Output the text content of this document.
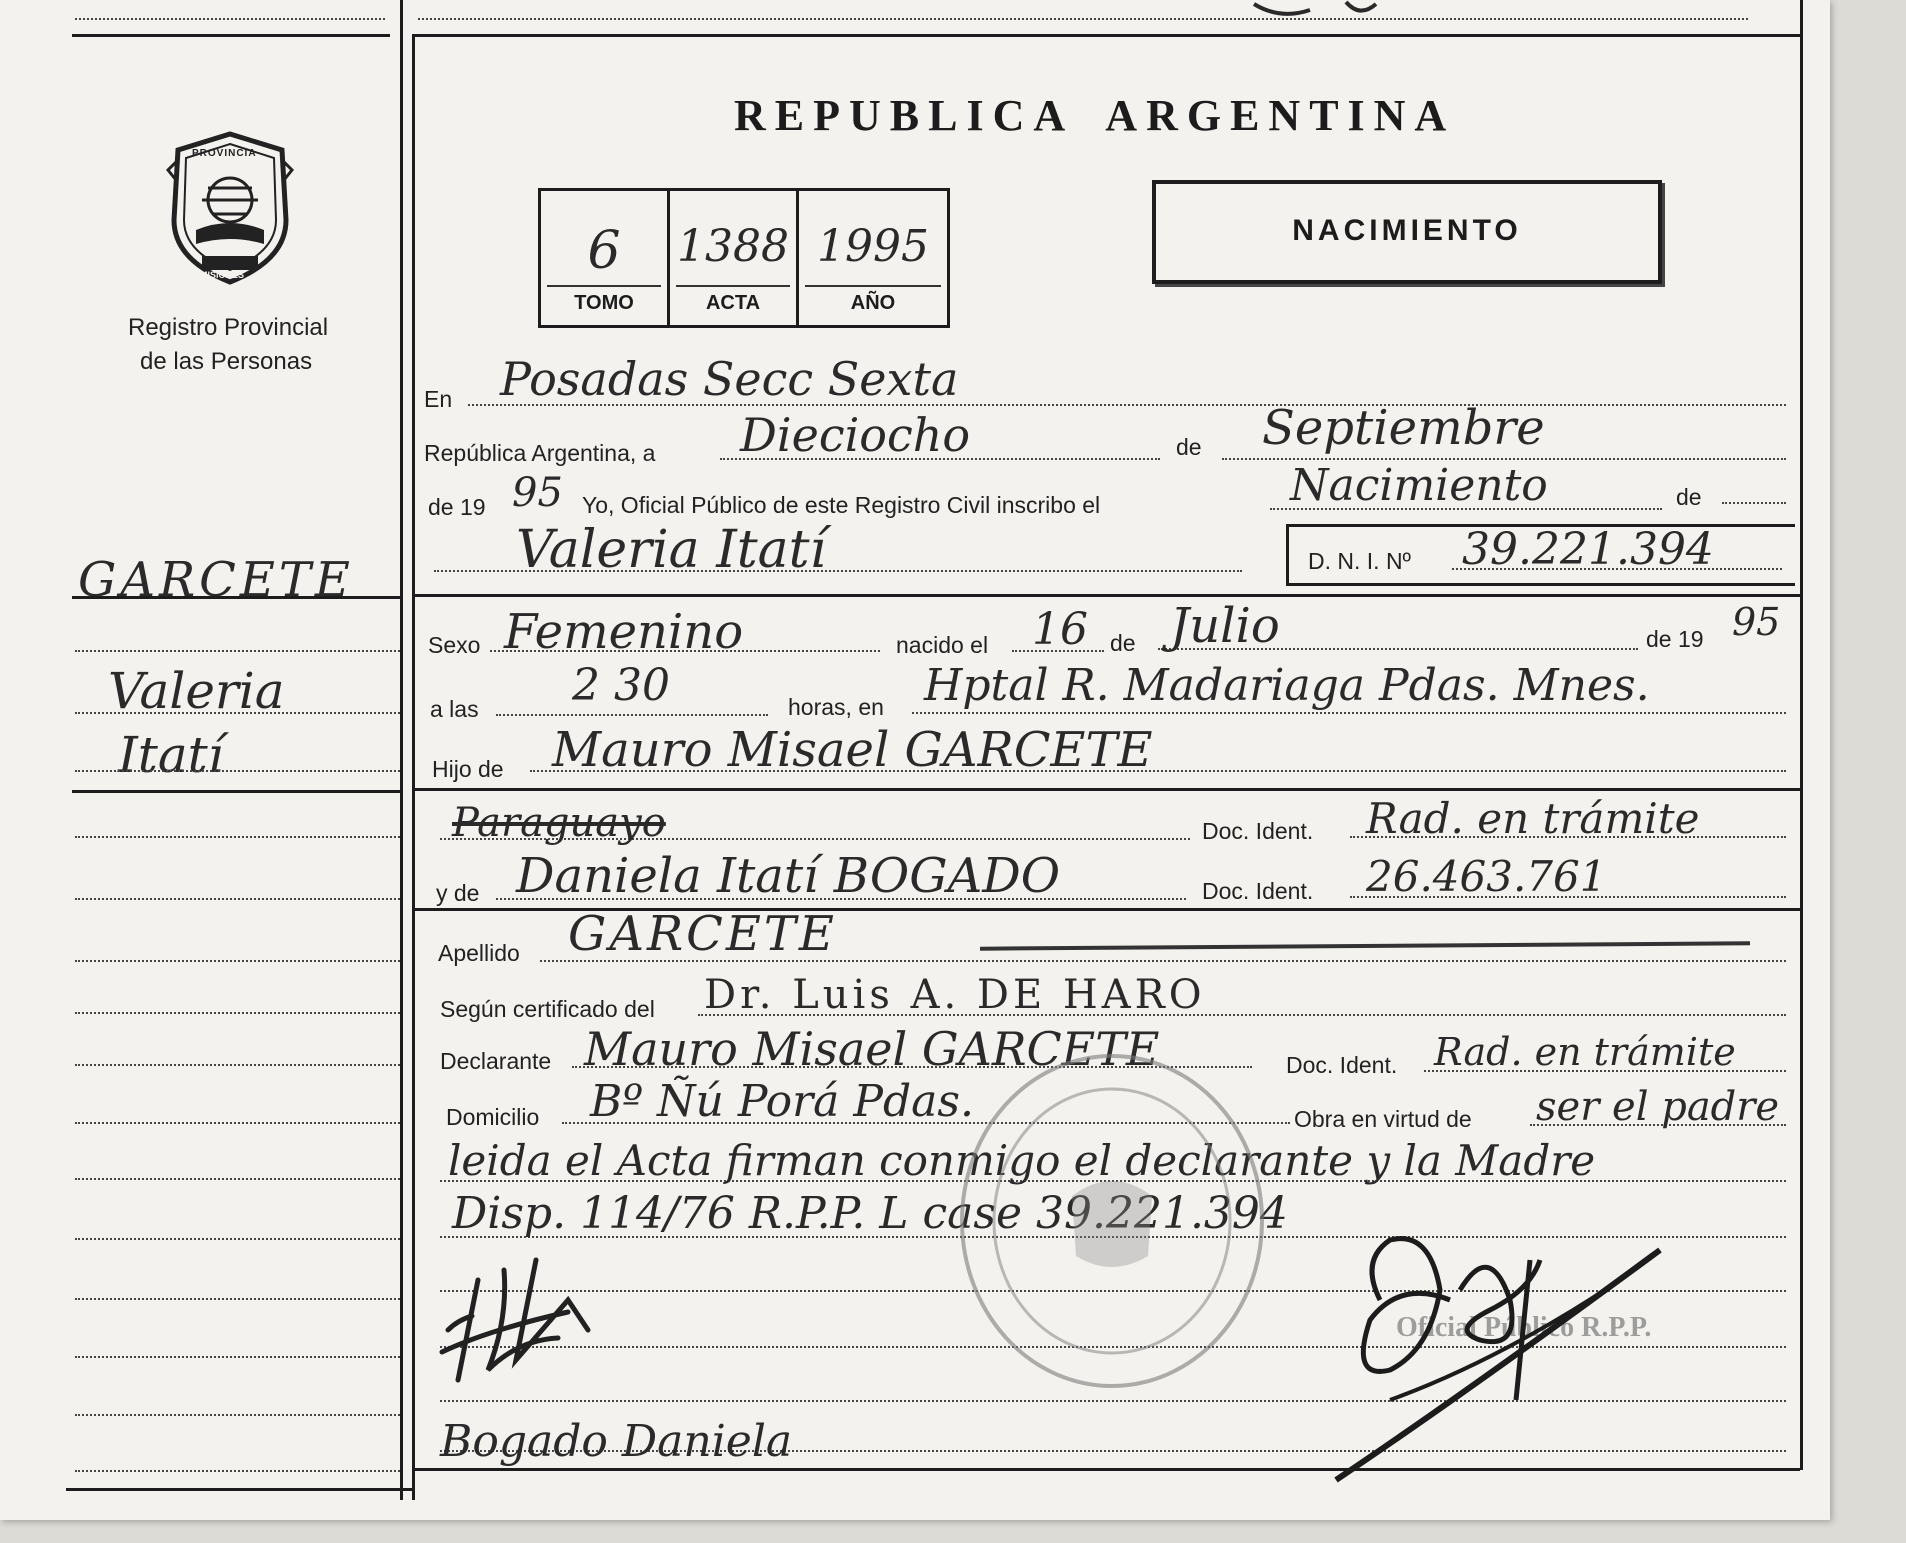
PROVINCIA
MISIONES
Registro Provincial
de las Personas
GARCETE
Valeria
Itatí
REPUBLICA ARGENTINA
6
TOMO
1388
ACTA
1995
AÑO
NACIMIENTO
En Posadas Secc Sexta
República Argentina, a Dieciocho	de Septiembre
de 19 95 Yo, Oficial Público de este Registro Civil inscribo el	Nacimiento	de
Valeria Itatí	D. N. I. Nº 39.221.394
Sexo Femenino	nacido el 16 de Julio	de 19 95
a las 2 30	horas, en Hptal R. Madariaga Pdas. Mnes.
Hijo de Mauro Misael GARCETE
Paraguayo	Doc. Ident. Rad. en trámite
y de Daniela Itatí BOGADO	Doc. Ident. 26.463.761
Apellido GARCETE
Según certificado del Dr. Luis A. DE HARO
Declarante Mauro Misael GARCETE	Doc. Ident. Rad. en trámite
Domicilio Bº Ñú Porá Pdas.	Obra en virtud de ser el padre
leida el Acta firman conmigo el declarante y la Madre
Disp. 114/76 R.P.P. L case 39.221.394
Bogado Daniela
Oficial Público R.P.P.
